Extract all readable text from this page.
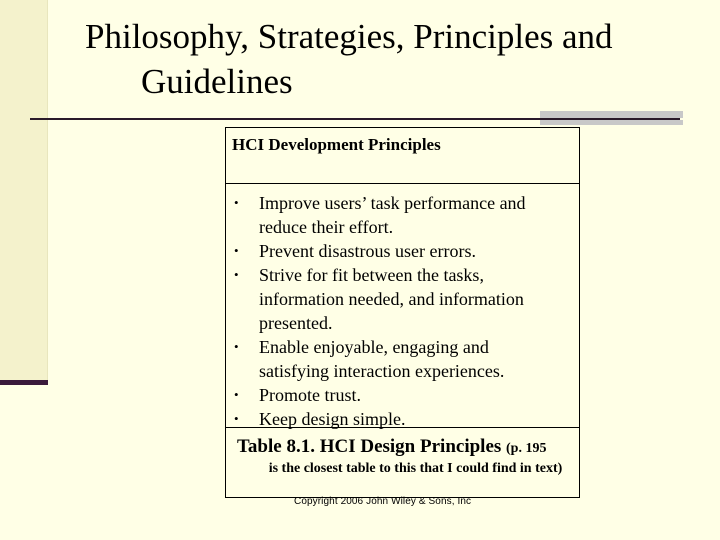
Philosophy, Strategies, Principles and
Guidelines
HCI Development Principles
• Improve users’ task performance and reduce their effort.
• Prevent disastrous user errors.
• Strive for fit between the tasks, information needed, and information presented.
• Enable enjoyable, engaging and satisfying interaction experiences.
• Promote trust.
• Keep design simple.
Table 8.1. HCI Design Principles (p. 195
is the closest table to this that I could find in text)
Copyright 2006 John Wiley & Sons, Inc
